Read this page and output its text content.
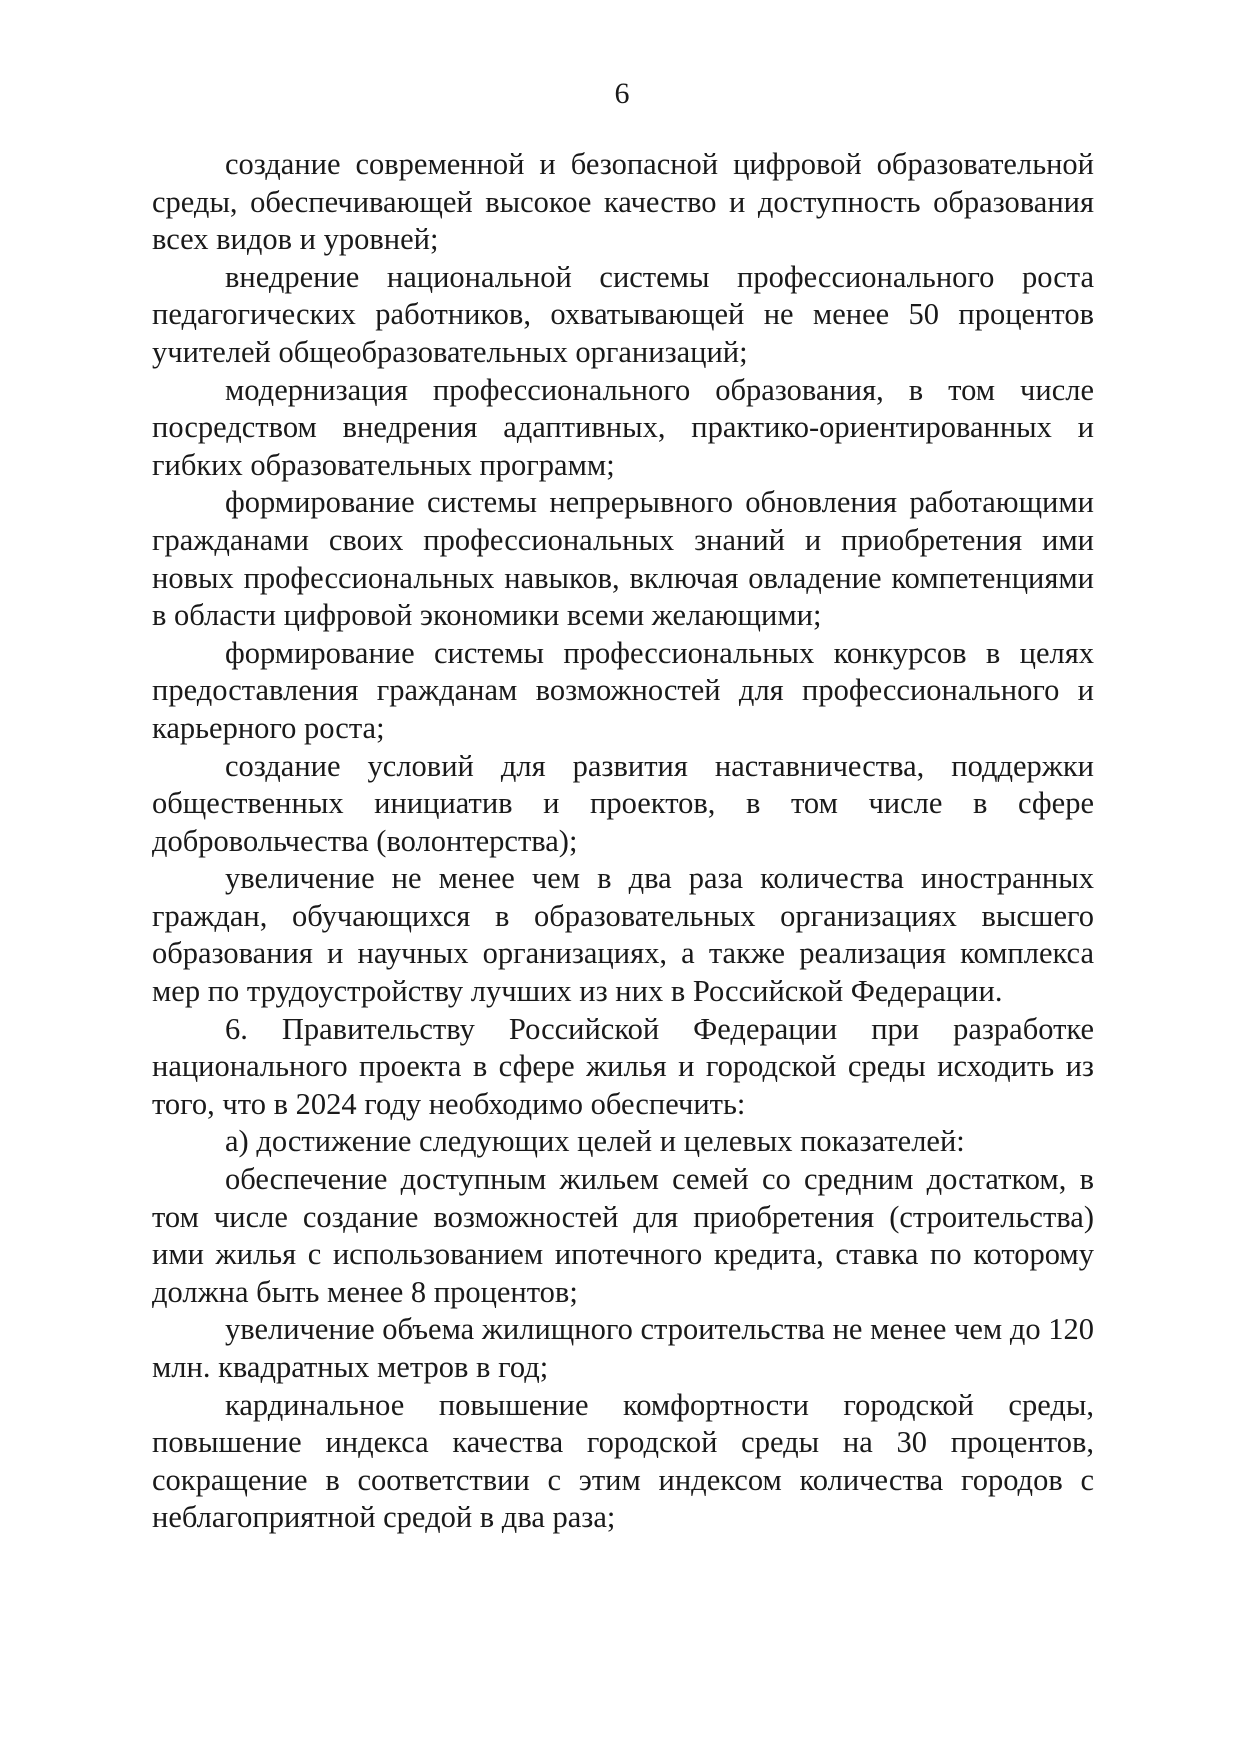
6

создание современной и безопасной цифровой образовательной среды, обеспечивающей высокое качество и доступность образования всех видов и уровней;

внедрение национальной системы профессионального роста педагогических работников, охватывающей не менее 50 процентов учителей общеобразовательных организаций;

модернизация профессионального образования, в том числе посредством внедрения адаптивных, практико-ориентированных и гибких образовательных программ;

формирование системы непрерывного обновления работающими гражданами своих профессиональных знаний и приобретения ими новых профессиональных навыков, включая овладение компетенциями в области цифровой экономики всеми желающими;

формирование системы профессиональных конкурсов в целях предоставления гражданам возможностей для профессионального и карьерного роста;

создание условий для развития наставничества, поддержки общественных инициатив и проектов, в том числе в сфере добровольчества (волонтерства);

увеличение не менее чем в два раза количества иностранных граждан, обучающихся в образовательных организациях высшего образования и научных организациях, а также реализация комплекса мер по трудоустройству лучших из них в Российской Федерации.

6. Правительству Российской Федерации при разработке национального проекта в сфере жилья и городской среды исходить из того, что в 2024 году необходимо обеспечить:

а) достижение следующих целей и целевых показателей:

обеспечение доступным жильем семей со средним достатком, в том числе создание возможностей для приобретения (строительства) ими жилья с использованием ипотечного кредита, ставка по которому должна быть менее 8 процентов;

увеличение объема жилищного строительства не менее чем до 120 млн. квадратных метров в год;

кардинальное повышение комфортности городской среды, повышение индекса качества городской среды на 30 процентов, сокращение в соответствии с этим индексом количества городов с неблагоприятной средой в два раза;
